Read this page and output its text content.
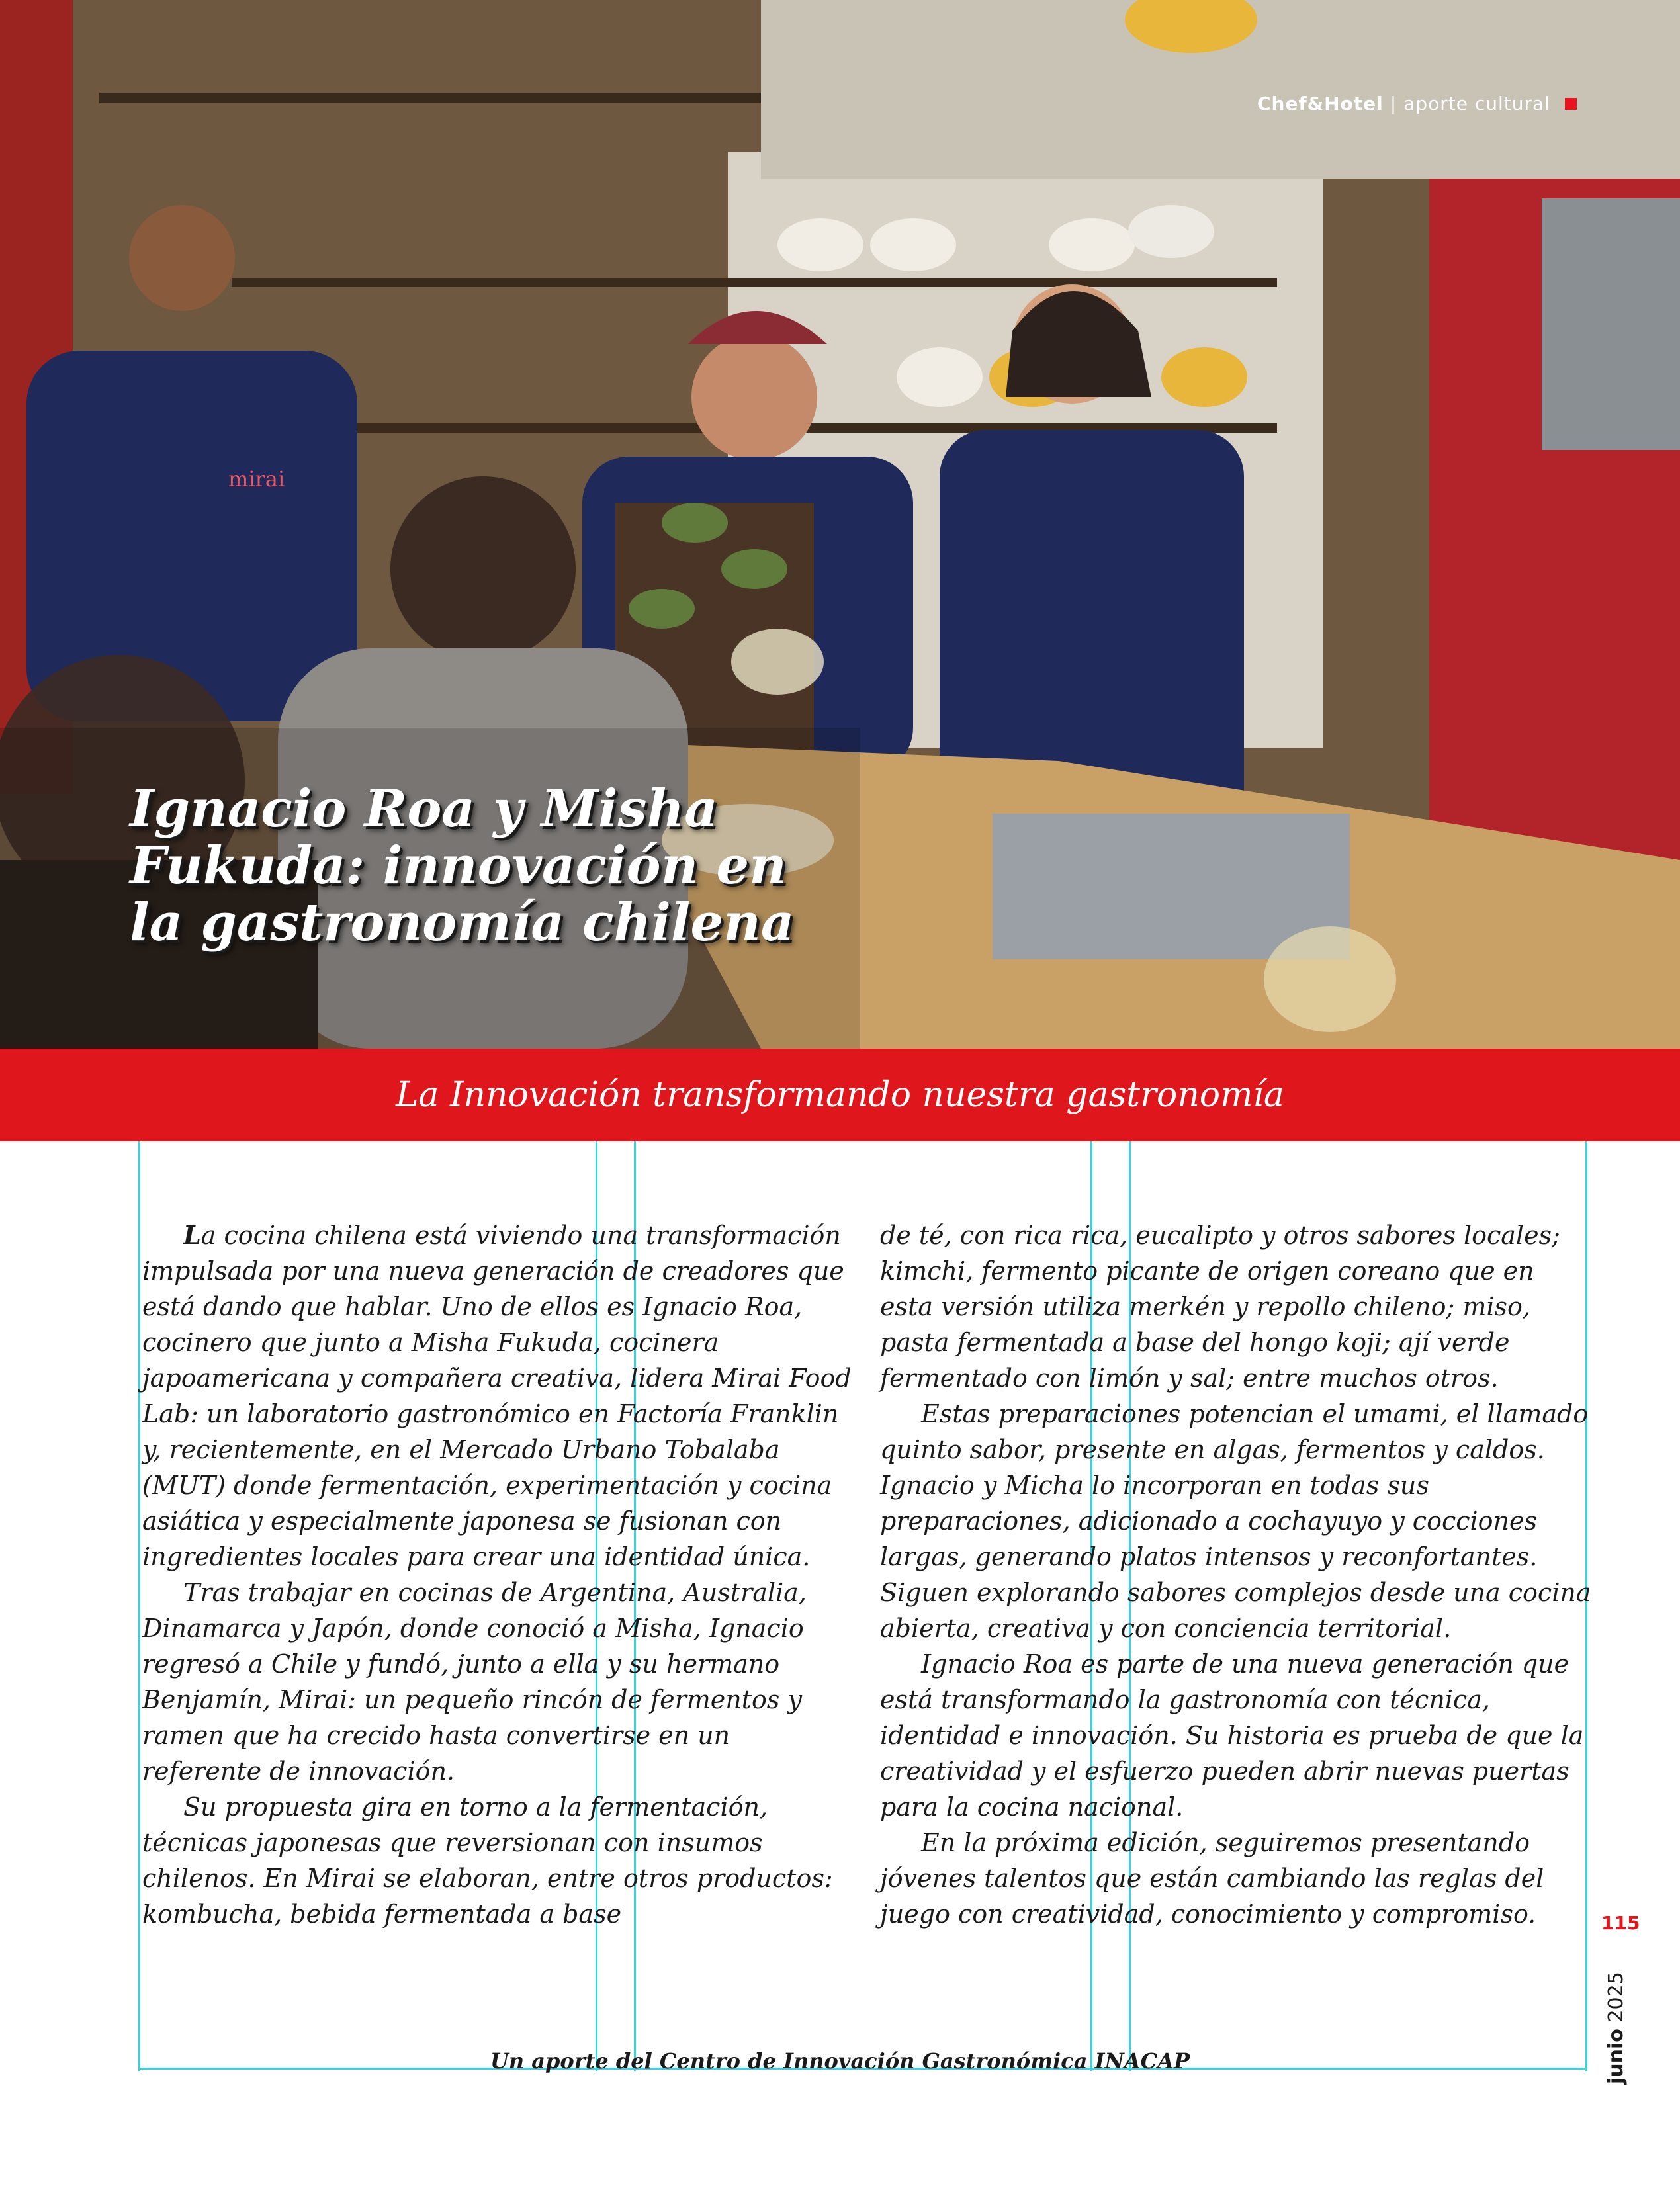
Chef&Hotel | aporte cultural
mirai
Ignacio Roa y Misha Fukuda: innovación en la gastronomía chilena
La Innovación transformando nuestra gastronomía

La cocina chilena está viviendo una transformación impulsada por una nueva generación de creadores que está dando que hablar. Uno de ellos es Ignacio Roa, cocinero que junto a Misha Fukuda, cocinera japoamericana y compañera creativa, lidera Mirai Food Lab: un laboratorio gastronómico en Factoría Franklin y, recientemente, en el Mercado Urbano Tobalaba (MUT) donde fermentación, experimentación y cocina asiática y especialmente japonesa se fusionan con ingredientes locales para crear una identidad única.

Tras trabajar en cocinas de Argentina, Australia, Dinamarca y Japón, donde conoció a Misha, Ignacio regresó a Chile y fundó, junto a ella y su hermano Benjamín, Mirai: un pequeño rincón de fermentos y ramen que ha crecido hasta convertirse en un referente de innovación.

Su propuesta gira en torno a la fermentación, técnicas japonesas que reversionan con insumos chilenos. En Mirai se elaboran, entre otros productos: kombucha, bebida fermentada a base

de té, con rica rica, eucalipto y otros sabores locales; kimchi, fermento picante de origen coreano que en esta versión utiliza merkén y repollo chileno; miso, pasta fermentada a base del hongo koji; ají verde fermentado con limón y sal; entre muchos otros.

Estas preparaciones potencian el umami, el llamado quinto sabor, presente en algas, fermentos y caldos. Ignacio y Micha lo incorporan en todas sus preparaciones, adicionado a cochayuyo y cocciones largas, generando platos intensos y reconfortantes. Siguen explorando sabores complejos desde una cocina abierta, creativa y con conciencia territorial.

Ignacio Roa es parte de una nueva generación que está transformando la gastronomía con técnica, identidad e innovación. Su historia es prueba de que la creatividad y el esfuerzo pueden abrir nuevas puertas para la cocina nacional.

En la próxima edición, seguiremos presentando jóvenes talentos que están cambiando las reglas del juego con creatividad, conocimiento y compromiso.

Un aporte del Centro de Innovación Gastronómica INACAP
115
junio 2025
